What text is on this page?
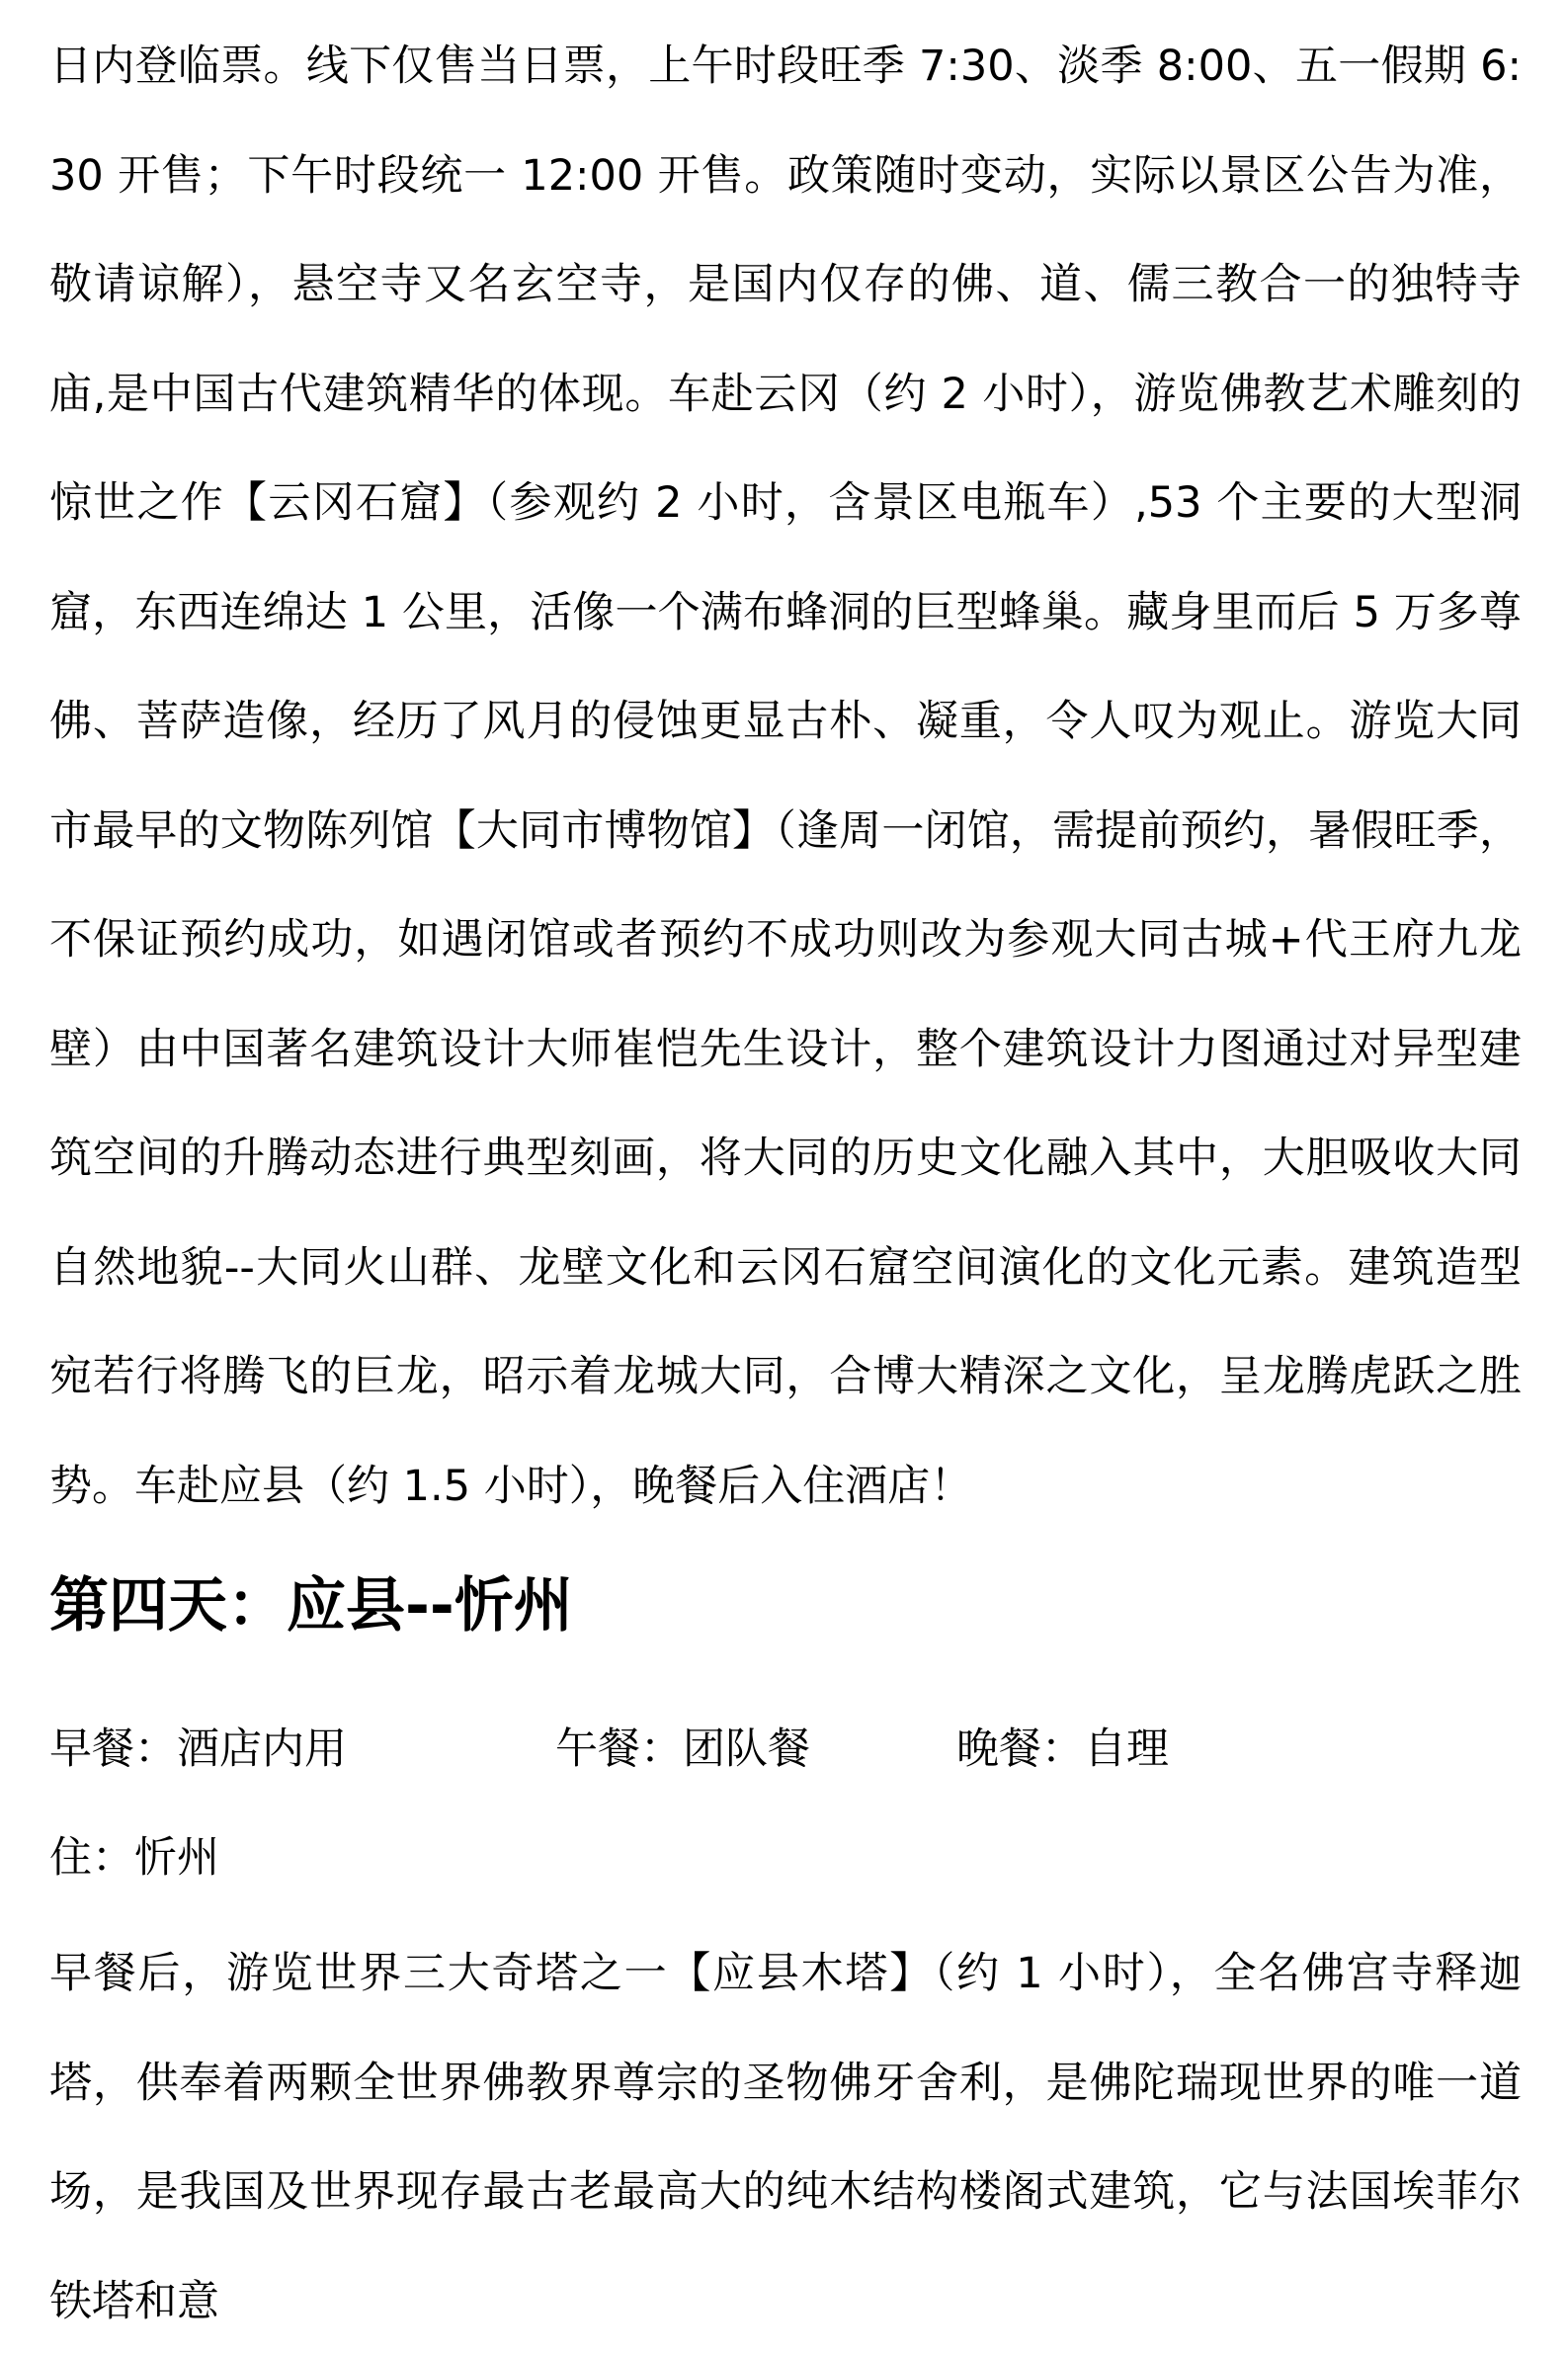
日内登临票。线下仅售当日票，上午时段旺季 7:30、淡季 8:00、五一假期 6:30 开售；下午时段统一 12:00 开售。政策随时变动，实际以景区公告为准，敬请谅解），悬空寺又名玄空寺，是国内仅存的佛、道、儒三教合一的独特寺庙,是中国古代建筑精华的体现。车赴云冈（约 2 小时），游览佛教艺术雕刻的惊世之作【云冈石窟】（参观约 2 小时，含景区电瓶车）,53 个主要的大型洞窟，东西连绵达 1 公里，活像一个满布蜂洞的巨型蜂巢。藏身里而后 5 万多尊佛、菩萨造像，经历了风月的侵蚀更显古朴、凝重，令人叹为观止。游览大同市最早的文物陈列馆【大同市博物馆】（逢周一闭馆，需提前预约，暑假旺季，不保证预约成功，如遇闭馆或者预约不成功则改为参观大同古城+代王府九龙壁）由中国著名建筑设计大师崔恺先生设计，整个建筑设计力图通过对异型建筑空间的升腾动态进行典型刻画，将大同的历史文化融入其中，大胆吸收大同自然地貌--大同火山群、龙壁文化和云冈石窟空间演化的文化元素。建筑造型宛若行将腾飞的巨龙，昭示着龙城大同，合博大精深之文化，呈龙腾虎跃之胜势。车赴应县（约 1.5 小时），晚餐后入住酒店！

第四天：应县--忻州
早餐：酒店内用	午餐：团队餐	晚餐：自理

住：忻州

早餐后，游览世界三大奇塔之一【应县木塔】（约 1 小时），全名佛宫寺释迦塔，供奉着两颗全世界佛教界尊宗的圣物佛牙舍利，是佛陀瑞现世界的唯一道场，是我国及世界现存最古老最高大的纯木结构楼阁式建筑，它与法国埃菲尔铁塔和意
